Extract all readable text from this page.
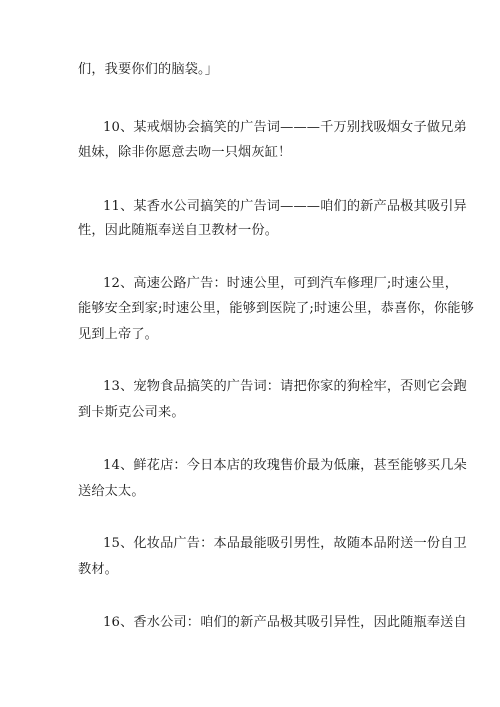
们，我要你们的脑袋。」
10、某戒烟协会搞笑的广告词———千万别找吸烟女子做兄弟
姐妹，除非你愿意去吻一只烟灰缸！
11、某香水公司搞笑的广告词———咱们的新产品极其吸引异
性，因此随瓶奉送自卫教材一份。
12、高速公路广告：时速公里，可到汽车修理厂;时速公里，
能够安全到家;时速公里，能够到医院了;时速公里，恭喜你，你能够
见到上帝了。
13、宠物食品搞笑的广告词：请把你家的狗栓牢，否则它会跑
到卡斯克公司来。
14、鲜花店：今日本店的玫瑰售价最为低廉，甚至能够买几朵
送给太太。
15、化妆品广告：本品最能吸引男性，故随本品附送一份自卫
教材。
16、香水公司：咱们的新产品极其吸引异性，因此随瓶奉送自
